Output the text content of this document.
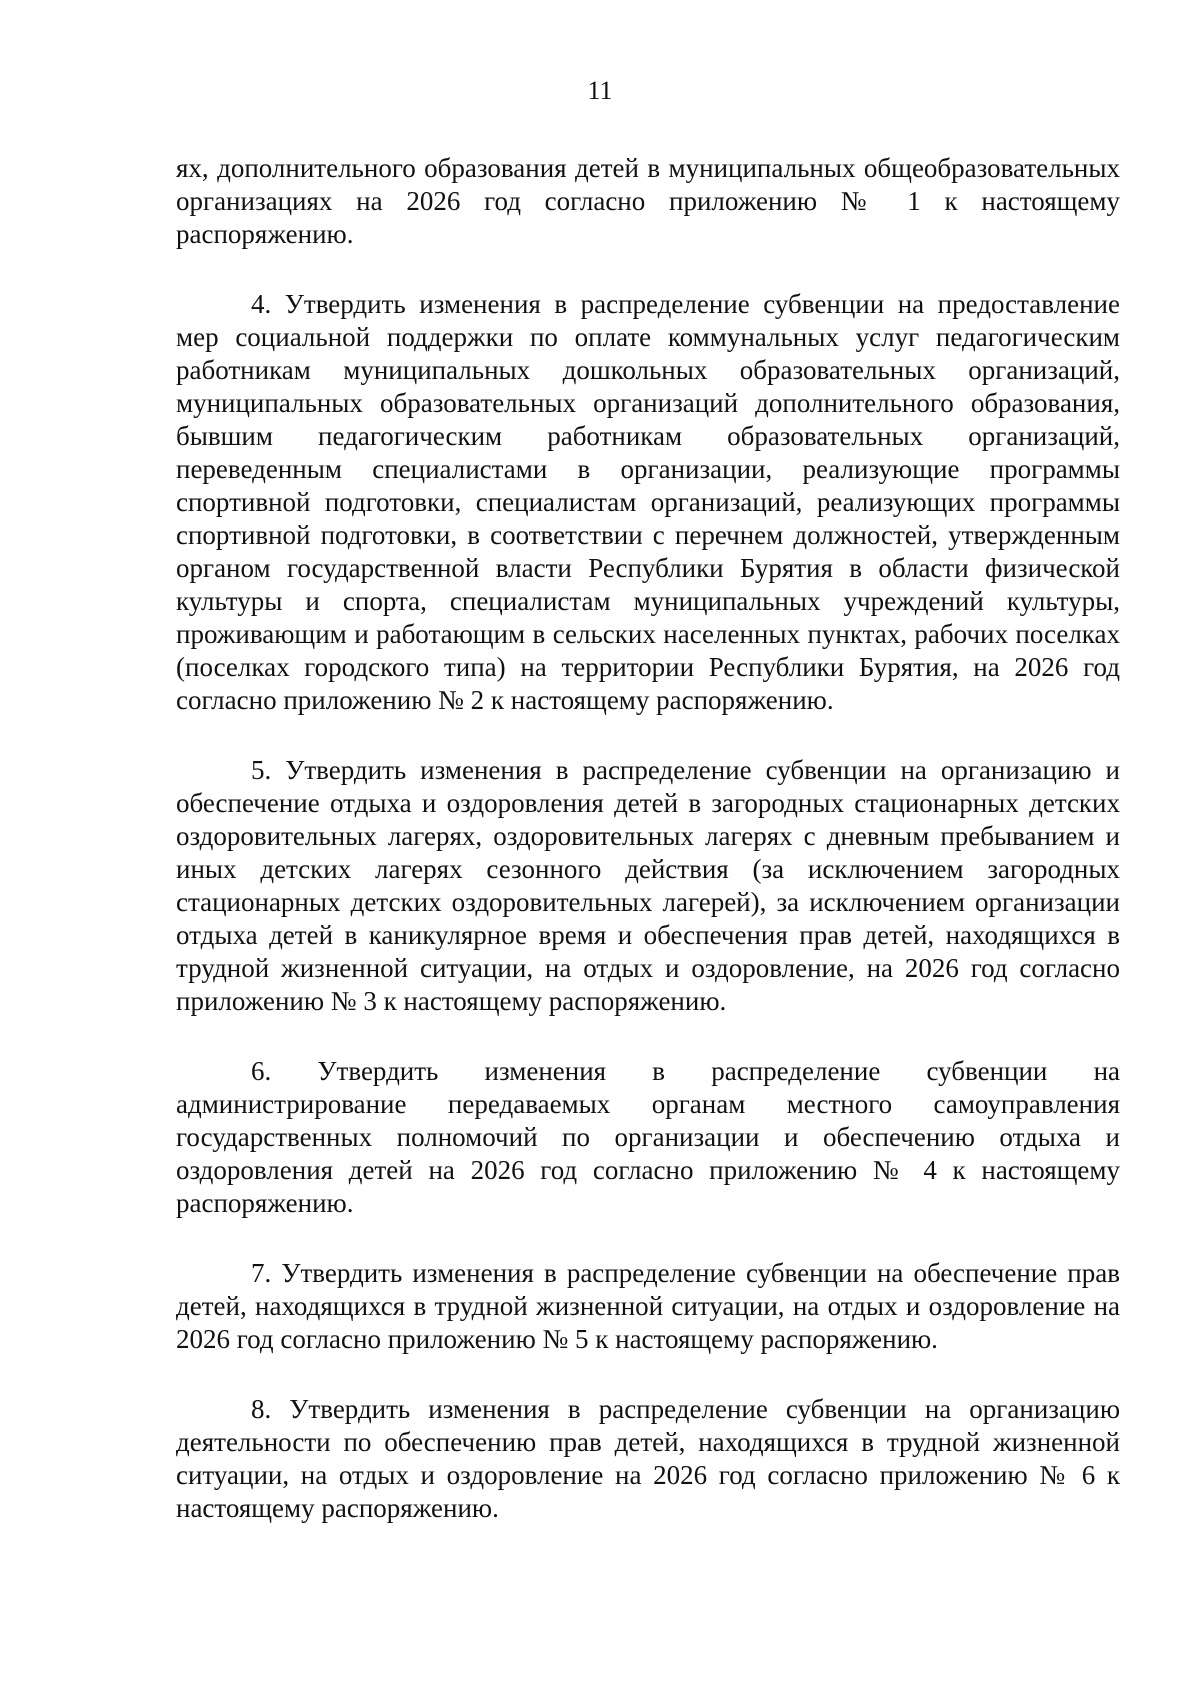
11

ях, дополнительного образования детей в муниципальных общеобразовательных организациях на 2026 год согласно приложению № 1 к настоящему распоряжению.

4. Утвердить изменения в распределение субвенции на предоставление мер социальной поддержки по оплате коммунальных услуг педагогическим работникам муниципальных дошкольных образовательных организаций, муниципальных образовательных организаций дополнительного образования, бывшим педагогическим работникам образовательных организаций, переведенным специалистами в организации, реализующие программы спортивной подготовки, специалистам организаций, реализующих программы спортивной подготовки, в соответствии с перечнем должностей, утвержденным органом государственной власти Республики Бурятия в области физической культуры и спорта, специалистам муниципальных учреждений культуры, проживающим и работающим в сельских населенных пунктах, рабочих поселках (поселках городского типа) на территории Республики Бурятия, на 2026 год согласно приложению № 2 к настоящему распоряжению.

5. Утвердить изменения в распределение субвенции на организацию и обеспечение отдыха и оздоровления детей в загородных стационарных детских оздоровительных лагерях, оздоровительных лагерях с дневным пребыванием и иных детских лагерях сезонного действия (за исключением загородных стационарных детских оздоровительных лагерей), за исключением организации отдыха детей в каникулярное время и обеспечения прав детей, находящихся в трудной жизненной ситуации, на отдых и оздоровление, на 2026 год согласно приложению № 3 к настоящему распоряжению.

6. Утвердить изменения в распределение субвенции на администрирование передаваемых органам местного самоуправления государственных полномочий по организации и обеспечению отдыха и оздоровления детей на 2026 год согласно приложению № 4 к настоящему распоряжению.

7. Утвердить изменения в распределение субвенции на обеспечение прав детей, находящихся в трудной жизненной ситуации, на отдых и оздоровление на 2026 год согласно приложению № 5 к настоящему распоряжению.

8. Утвердить изменения в распределение субвенции на организацию деятельности по обеспечению прав детей, находящихся в трудной жизненной ситуации, на отдых и оздоровление на 2026 год согласно приложению № 6 к настоящему распоряжению.
